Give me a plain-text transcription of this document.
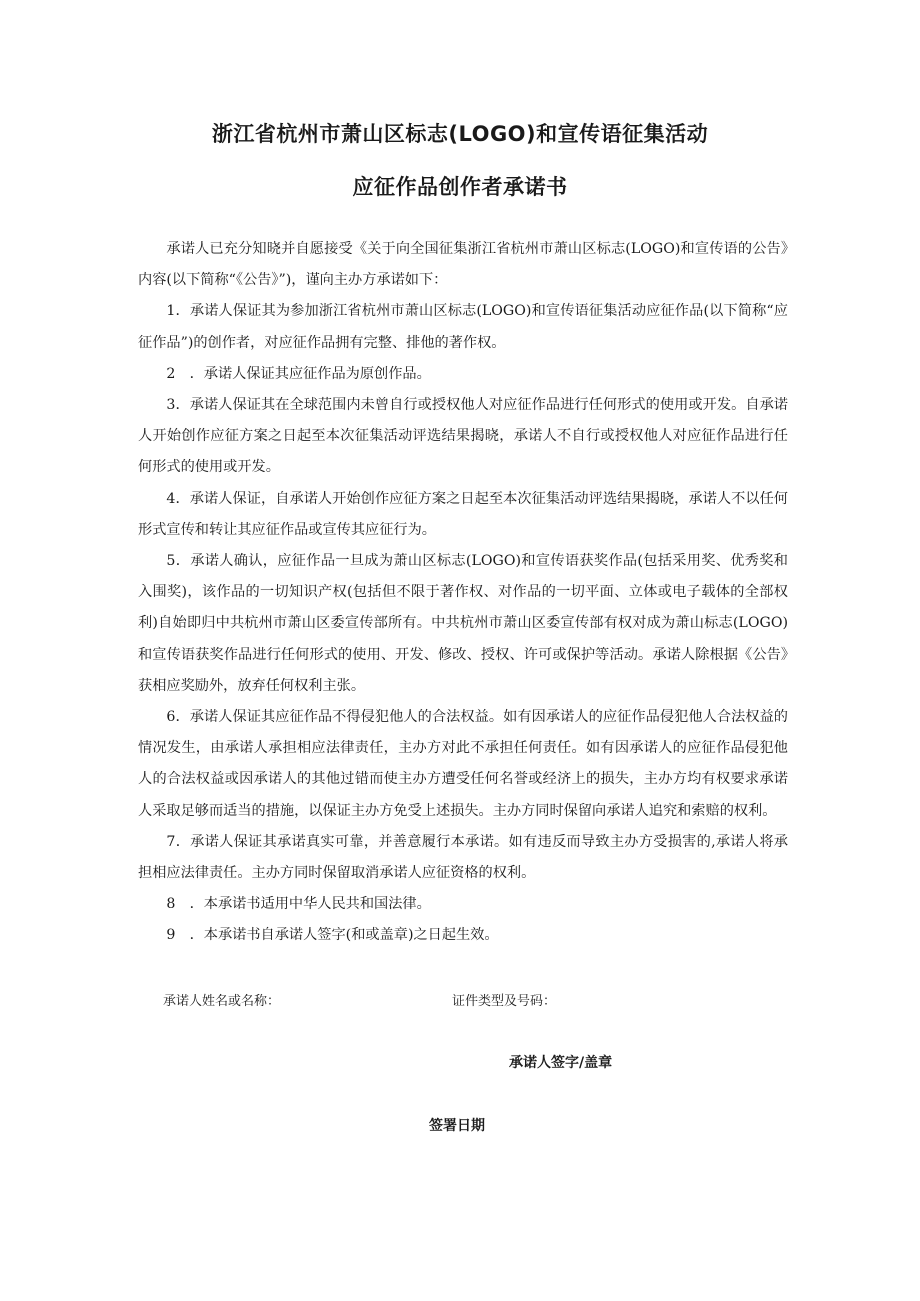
浙江省杭州市萧山区标志(LOGO)和宣传语征集活动
应征作品创作者承诺书

承诺人已充分知晓并自愿接受《关于向全国征集浙江省杭州市萧山区标志(LOGO)和宣传语的公告》内容(以下简称“《公告》”)，谨向主办方承诺如下：

1．承诺人保证其为参加浙江省杭州市萧山区标志(LOGO)和宣传语征集活动应征作品(以下简称“应征作品”)的创作者，对应征作品拥有完整、排他的著作权。

2　．承诺人保证其应征作品为原创作品。

3．承诺人保证其在全球范围内未曾自行或授权他人对应征作品进行任何形式的使用或开发。自承诺人开始创作应征方案之日起至本次征集活动评选结果揭晓，承诺人不自行或授权他人对应征作品进行任何形式的使用或开发。

4．承诺人保证，自承诺人开始创作应征方案之日起至本次征集活动评选结果揭晓，承诺人不以任何形式宣传和转让其应征作品或宣传其应征行为。

5．承诺人确认，应征作品一旦成为萧山区标志(LOGO)和宣传语获奖作品(包括采用奖、优秀奖和入围奖)，该作品的一切知识产权(包括但不限于著作权、对作品的一切平面、立体或电子载体的全部权利)自始即归中共杭州市萧山区委宣传部所有。中共杭州市萧山区委宣传部有权对成为萧山标志(LOGO)和宣传语获奖作品进行任何形式的使用、开发、修改、授权、许可或保护等活动。承诺人除根据《公告》获相应奖励外，放弃任何权利主张。

6．承诺人保证其应征作品不得侵犯他人的合法权益。如有因承诺人的应征作品侵犯他人合法权益的情况发生，由承诺人承担相应法律责任，主办方对此不承担任何责任。如有因承诺人的应征作品侵犯他人的合法权益或因承诺人的其他过错而使主办方遭受任何名誉或经济上的损失，主办方均有权要求承诺人采取足够而适当的措施，以保证主办方免受上述损失。主办方同时保留向承诺人追究和索赔的权利。

7．承诺人保证其承诺真实可靠，并善意履行本承诺。如有违反而导致主办方受损害的,承诺人将承担相应法律责任。主办方同时保留取消承诺人应征资格的权利。

8　．本承诺书适用中华人民共和国法律。

9　．本承诺书自承诺人签字(和或盖章)之日起生效。

承诺人姓名或名称：	证件类型及号码：
承诺人签字/盖章
签署日期
